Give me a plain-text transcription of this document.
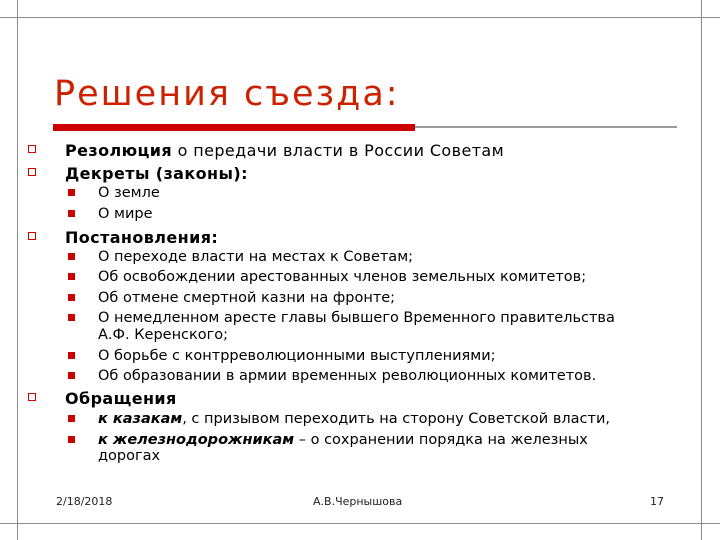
Решения съезда:
Резолюция о передачи власти в России Советам
Декреты (законы):
О земле
О мире
Постановления:
О переходе власти на местах к Советам;
Об освобождении арестованных членов земельных комитетов;
Об отмене смертной казни на фронте;
О немедленном аресте главы бывшего Временного правительства
А.Ф. Керенского;
О борьбе с контрреволюционными выступлениями;
Об образовании в армии временных революционных комитетов.
Обращения
к казакам, с призывом переходить на сторону Советской власти,
к железнодорожникам – о сохранении порядка на железных
дорогах
2/18/2018	А.В.Чернышова	17
